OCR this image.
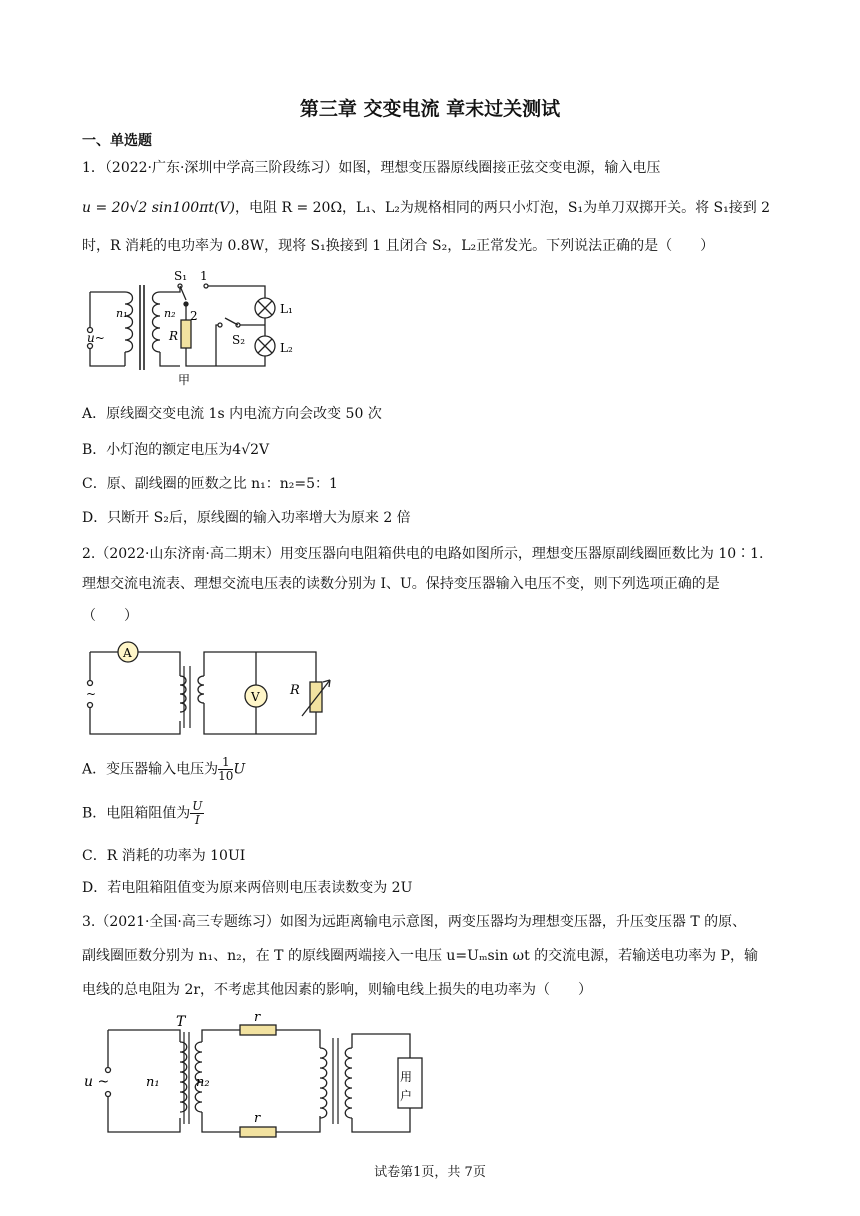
第三章 交变电流 章末过关测试
一、单选题
1．（2022·广东·深圳中学高三阶段练习）如图，理想变压器原线圈接正弦交变电源，输入电压
u = 20√2 sin100πt(V)，电阻 R = 20Ω，L₁、L₂为规格相同的两只小灯泡，S₁为单刀双掷开关。将 S₁接到 2
时，R 消耗的电功率为 0.8W，现将 S₁换接到 1 且闭合 S₂，L₂正常发光。下列说法正确的是（　　）
n₁
u~
n₂
R
S₁ 1
2	L₁
S₂
L₂
甲
A．原线圈交变电流 1s 内电流方向会改变 50 次
B．小灯泡的额定电压为4√2V
C．原、副线圈的匝数之比 n₁：n₂=5：1
D．只断开 S₂后，原线圈的输入功率增大为原来 2 倍
2.（2022·山东济南·高二期末）用变压器向电阻箱供电的电路如图所示，理想变压器原副线圈匝数比为 10∶1.
理想交流电流表、理想交流电压表的读数分别为 I、U。保持变压器输入电压不变，则下列选项正确的是
（　　）
A
~	V R
A．变压器输入电压为 $\frac{1}{10}$ U
B．电阻箱阻值为 $\frac{U}{I}$
C．R 消耗的功率为 10UI
D．若电阻箱阻值变为原来两倍则电压表读数变为 2U
3.（2021·全国·高三专题练习）如图为远距离输电示意图，两变压器均为理想变压器，升压变压器 T 的原、
副线圈匝数分别为 n₁、n₂，在 T 的原线圈两端接入一电压 u=Uₘsin ωt 的交流电源，若输送电功率为 P，输
电线的总电阻为 2r，不考虑其他因素的影响，则输电线上损失的电功率为（　　）
T
u ~	n₁	n₂
r
r
用
户
试卷第1页，共 7页
